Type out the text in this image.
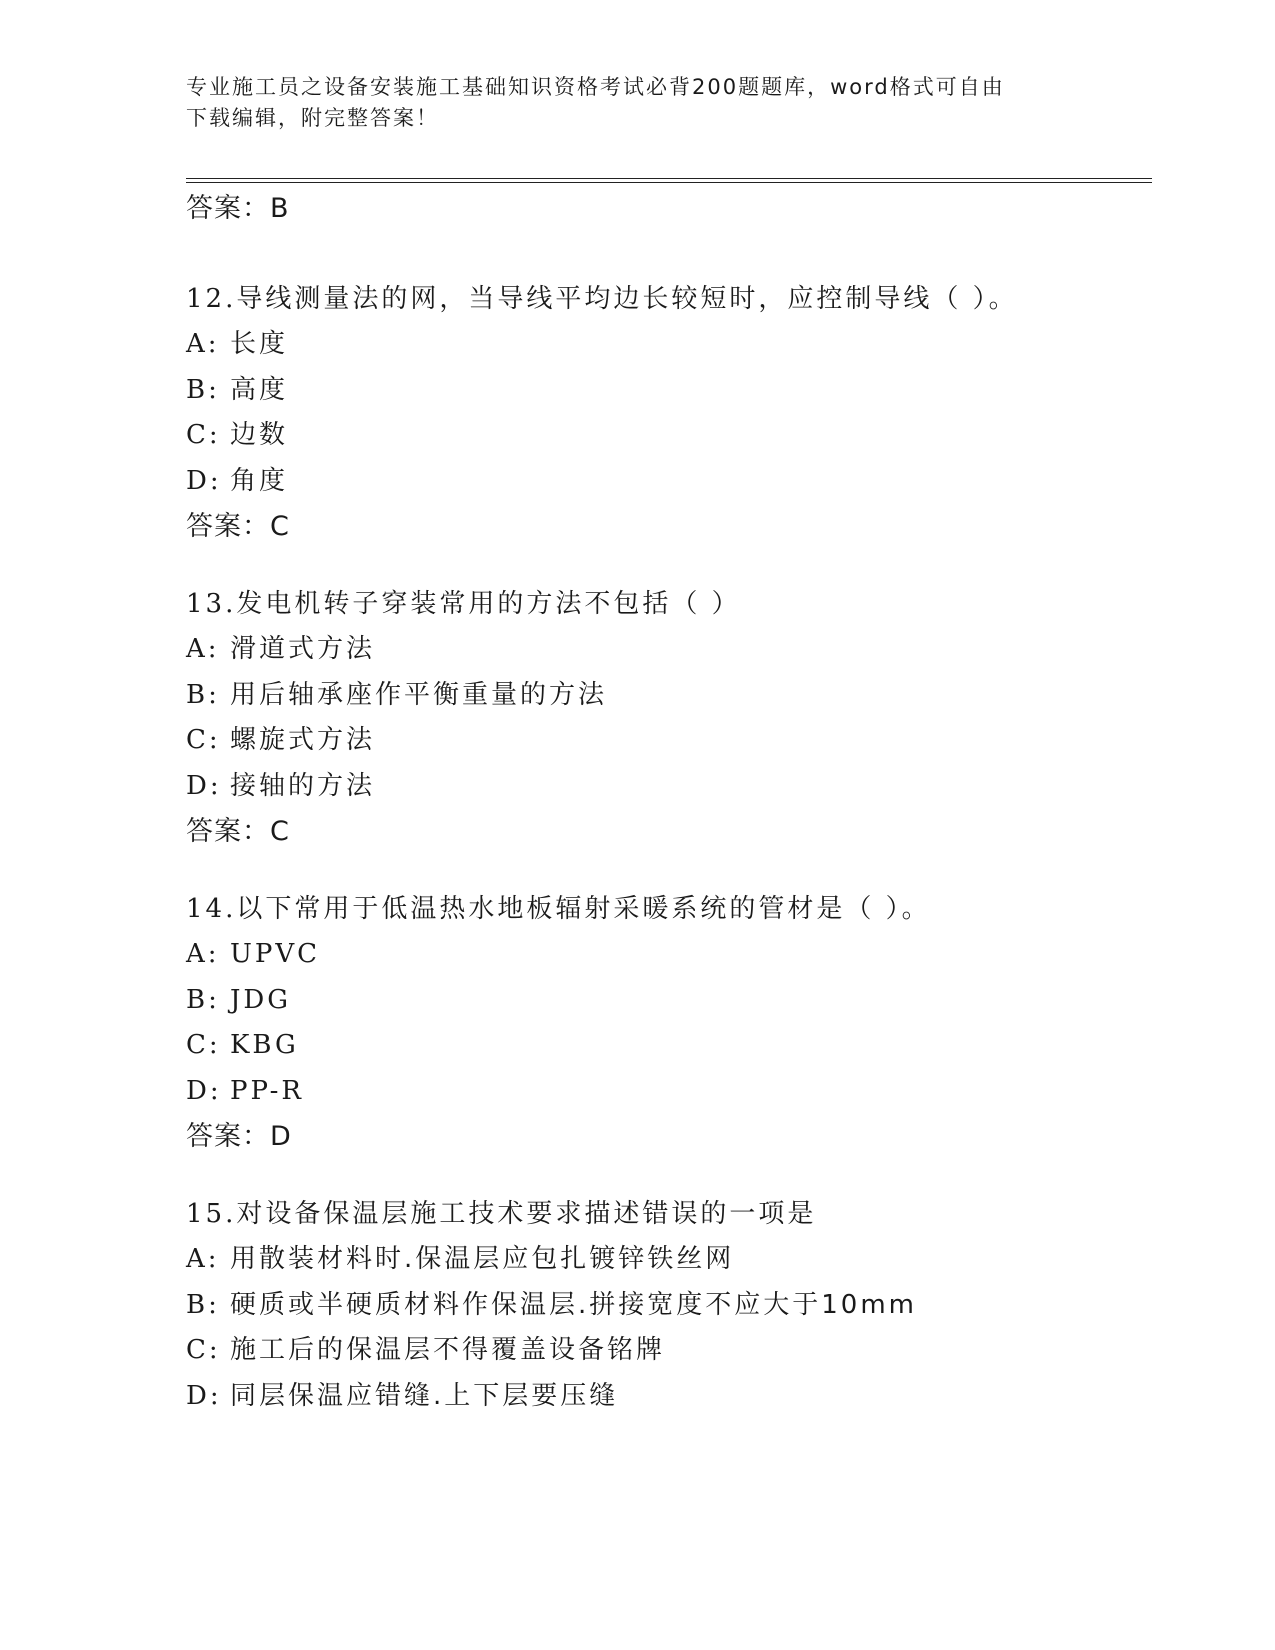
专业施工员之设备安装施工基础知识资格考试必背200题题库，word格式可自由
下载编辑，附完整答案！
答案：B
12.导线测量法的网，当导线平均边长较短时，应控制导线（ ）。
A: 长度
B: 高度
C: 边数
D: 角度
答案：C
13.发电机转子穿装常用的方法不包括（ ）
A: 滑道式方法
B: 用后轴承座作平衡重量的方法
C: 螺旋式方法
D: 接轴的方法
答案：C
14.以下常用于低温热水地板辐射采暖系统的管材是（ ）。
A: UPVC
B: JDG
C: KBG
D: PP-R
答案：D
15.对设备保温层施工技术要求描述错误的一项是
A: 用散装材料时.保温层应包扎镀锌铁丝网
B: 硬质或半硬质材料作保温层.拼接宽度不应大于10mm
C: 施工后的保温层不得覆盖设备铭牌
D: 同层保温应错缝.上下层要压缝
